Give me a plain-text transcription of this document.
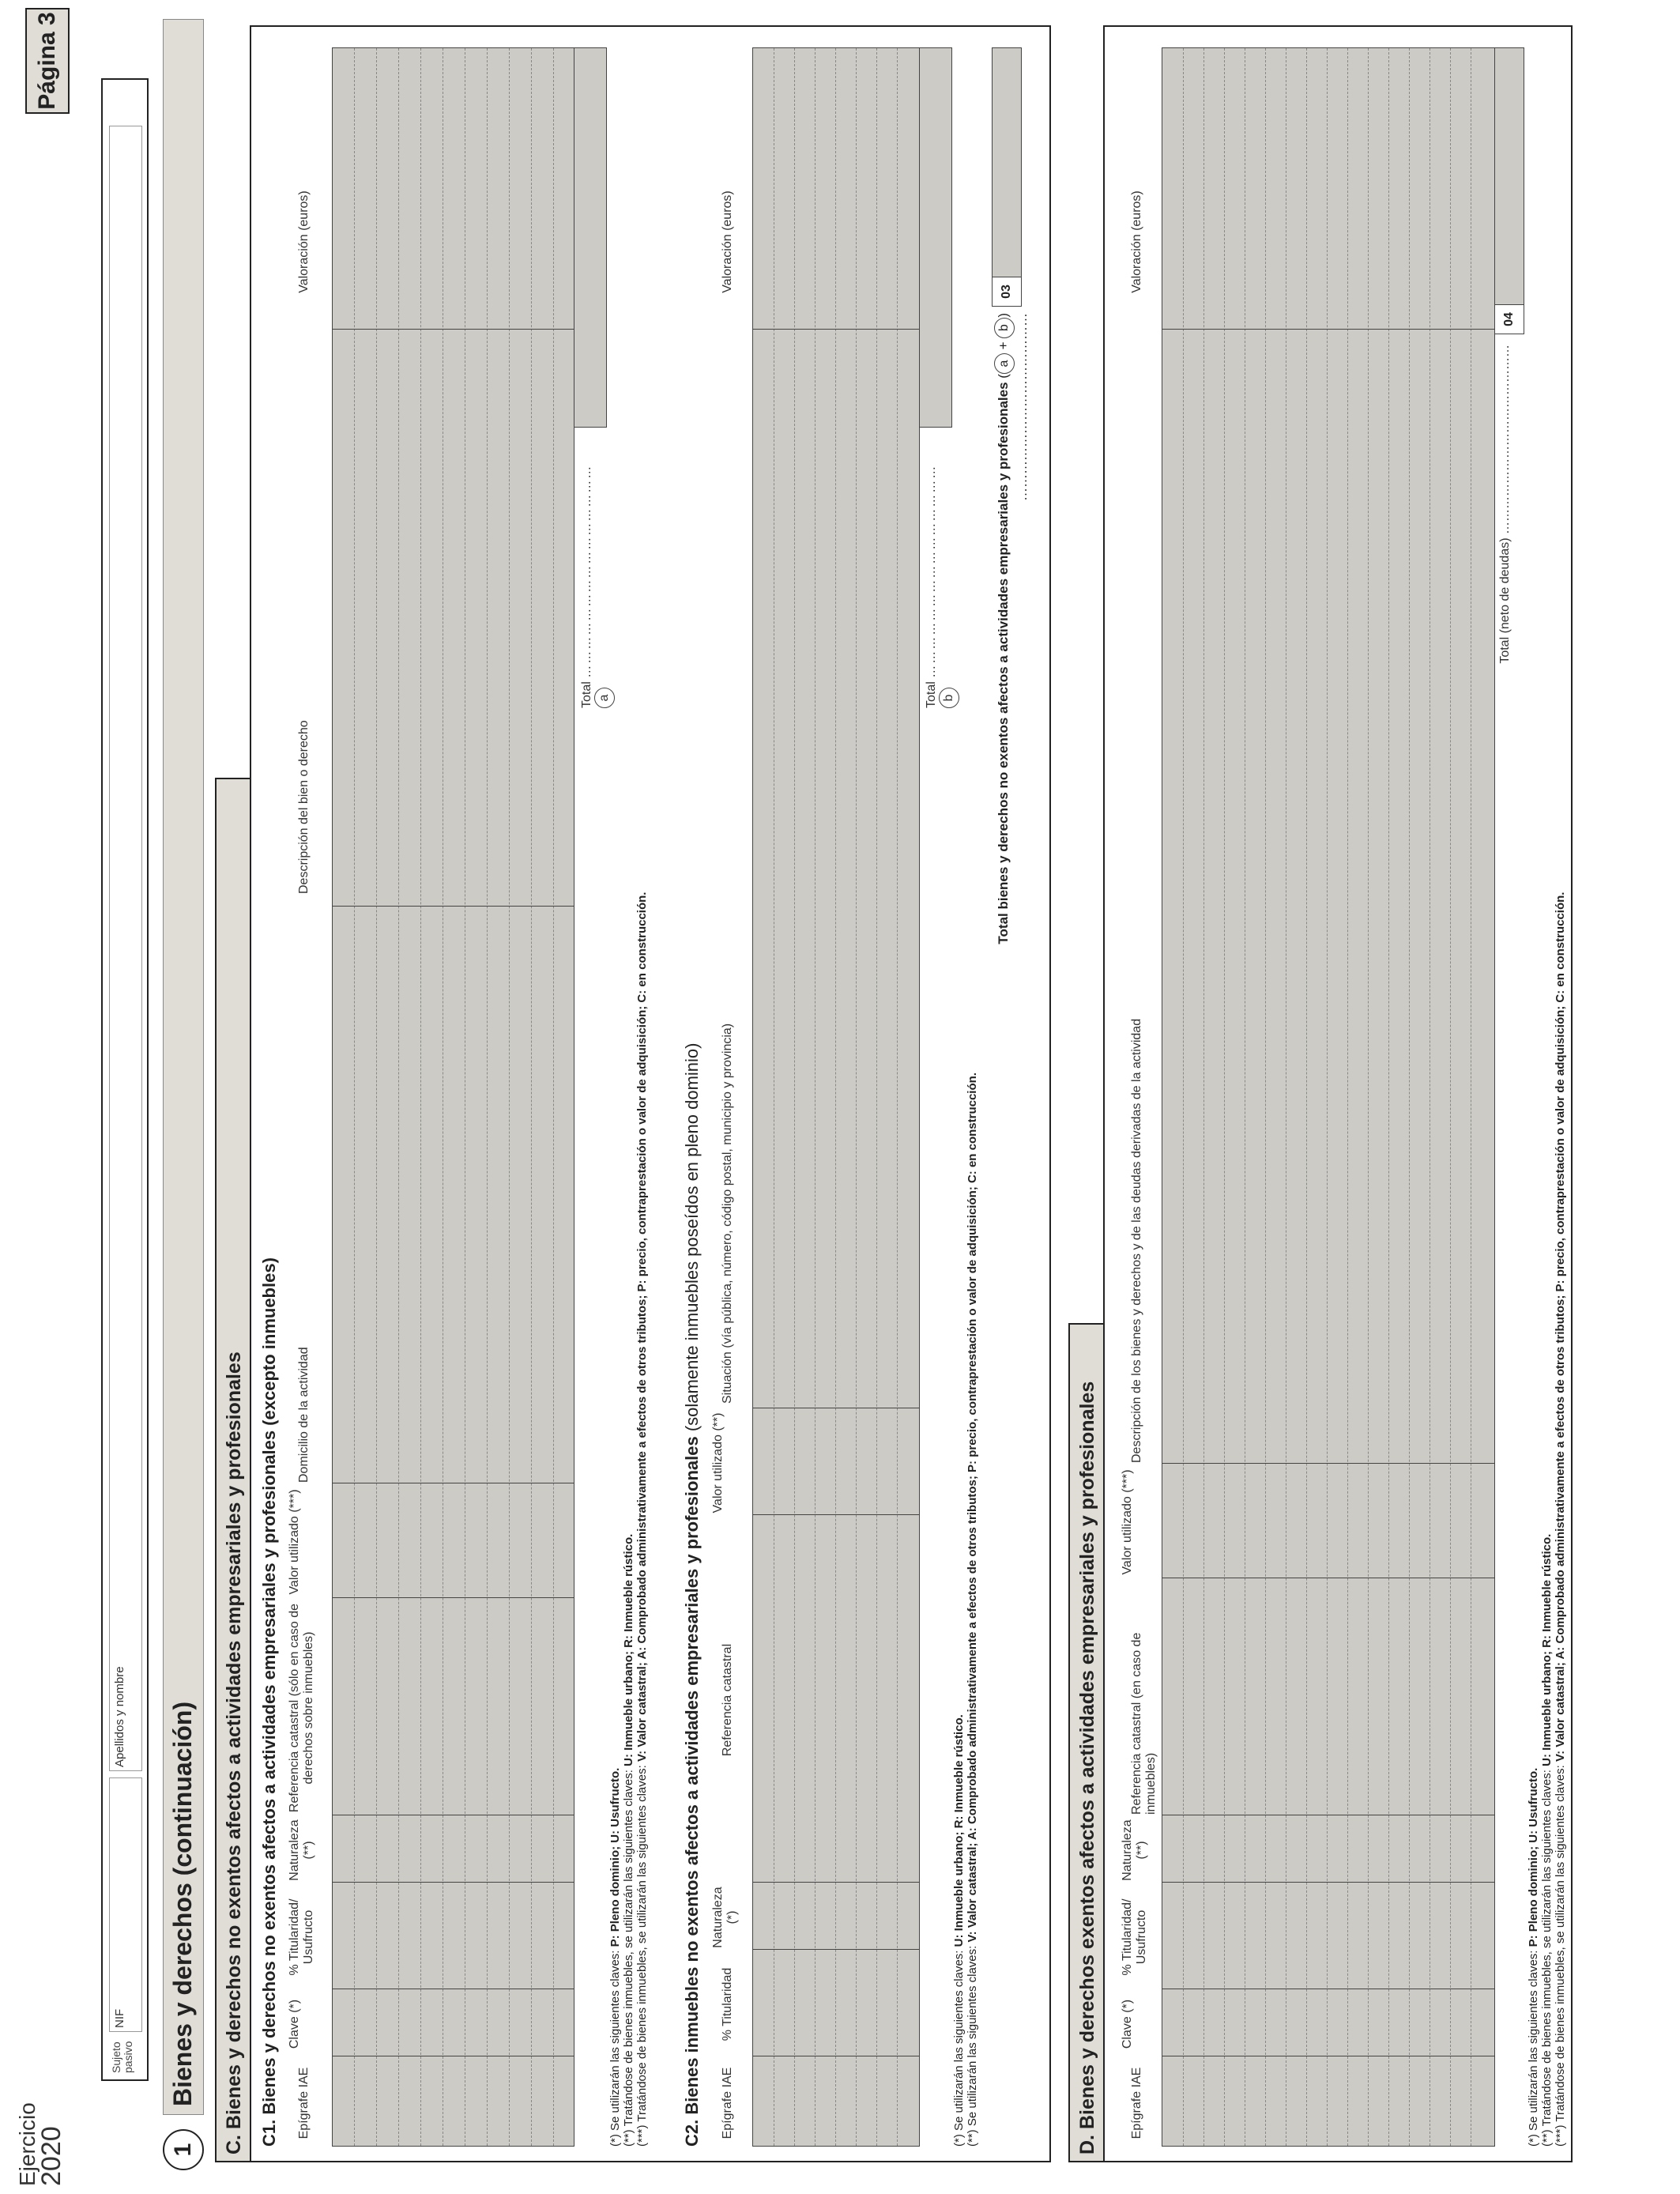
Ejercicio
2020
Sujeto pasivo
NIF
Apellidos y nombre
Página 3
1
Bienes y derechos (continuación)	C. Bienes y derechos no exentos afectos a actividades empresariales y profesionales C1. Bienes y derechos no exentos afectos a actividades empresariales y profesionales (excepto inmuebles) Epígrafe IAE
Clave (*)
% Titularidad/ Usufructo
Naturaleza (**)
Referencia catastral (sólo en caso de derechos sobre inmuebles)
Valor utilizado (***)
Domicilio de la actividad
Descripción del bien o derecho
Valoración (euros)
Total ……………………………………… a
(*) Se utilizarán las siguientes claves: P: Pleno dominio; U: Usufructo.
(**) Tratándose de bienes inmuebles, se utilizarán las siguientes claves: U: Inmueble urbano; R: Inmueble rústico.
(***) Tratándose de bienes inmuebles, se utilizarán las siguientes claves: V: Valor catastral; A: Comprobado administrativamente a efectos de otros tributos; P: precio, contraprestación o valor de adquisición; C: en construcción.
C2. Bienes inmuebles no exentos afectos a actividades empresariales y profesionales (solamente inmuebles poseídos en pleno dominio)
Epígrafe IAE
% Titularidad
Naturaleza (*)
Referencia catastral
Valor utilizado (**)
Situación (vía pública, número, código postal, municipio y provincia)
Valoración (euros)
Total ……………………………………… b
(*) Se utilizarán las siguientes claves: U: Inmueble urbano; R: Inmueble rústico.
(**) Se utilizarán las siguientes claves: V: Valor catastral; A: Comprobado administrativamente a efectos de otros tributos; P: precio, contraprestación o valor de adquisición; C: en construcción.
Total bienes y derechos no exentos afectos a actividades empresariales y profesionales (a + b) ……………………………………
03
D. Bienes y derechos exentos afectos a actividades empresariales y profesionales	Epígrafe IAE
Clave (*)
% Titularidad/ Usufructo
Naturaleza (**)
Referencia catastral (en caso de inmuebles)
Valor utilizado (***)
Descripción de los bienes y derechos y de las deudas derivadas de la actividad
Valoración (euros)
Total (neto de deudas) ………………………………………
04
(*) Se utilizarán las siguientes claves: P: Pleno dominio; U: Usufructo.
(**) Tratándose de bienes inmuebles, se utilizarán las siguientes claves: U: Inmueble urbano; R: Inmueble rústico.
(***) Tratándose de bienes inmuebles, se utilizarán las siguientes claves: V: Valor catastral; A: Comprobado administrativamente a efectos de otros tributos; P: precio, contraprestación o valor de adquisición; C: en construcción.
